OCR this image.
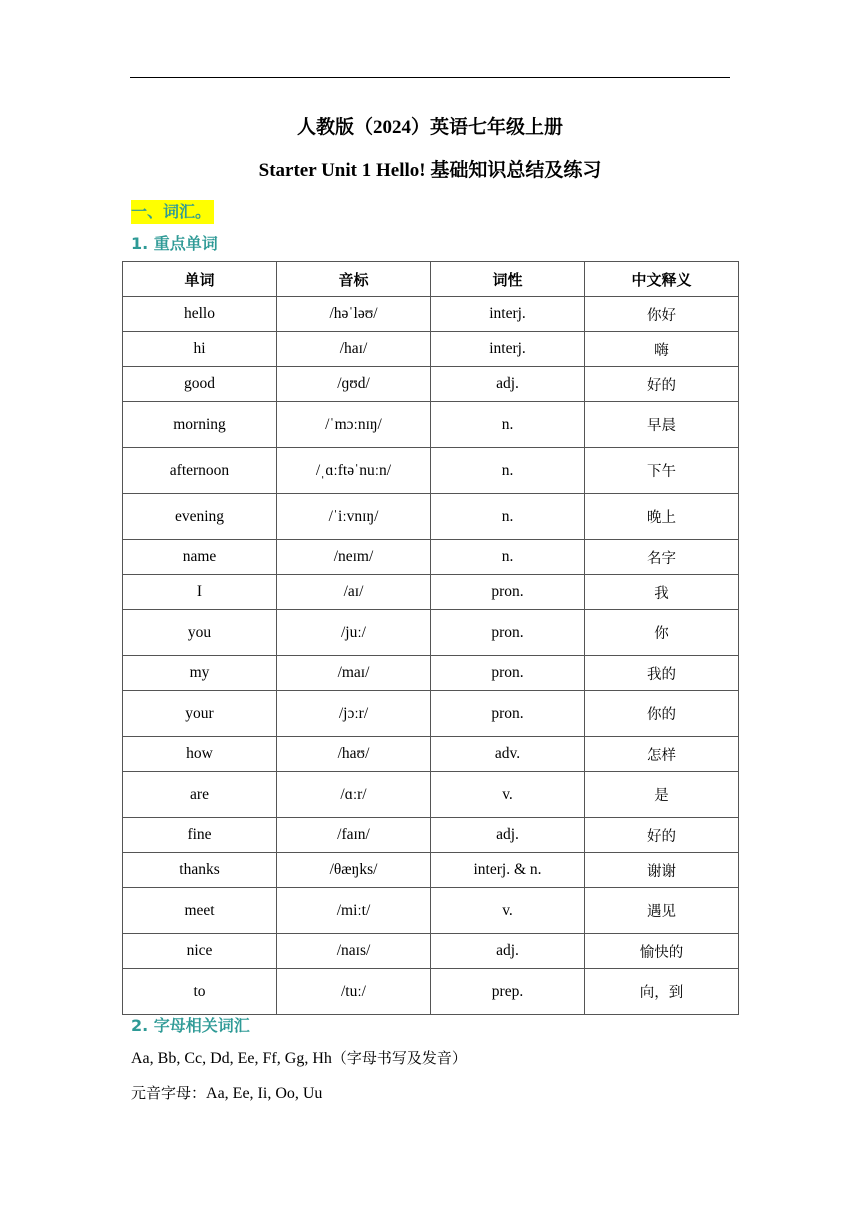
人教版（2024）英语七年级上册
Starter Unit 1 Hello! 基础知识总结及练习
一、词汇。
1. 重点单词
单词	音标	词性	中文释义
hello	/həˈləʊ/	interj.	你好
hi	/haɪ/	interj.	嗨
good	/ɡʊd/	adj.	好的
morning	/ˈmɔːnɪŋ/	n.	早晨
afternoon	/ˌɑːftəˈnuːn/	n.	下午
evening	/ˈiːvnɪŋ/	n.	晚上
name	/neɪm/	n.	名字
I	/aɪ/	pron.	我
you	/juː/	pron.	你
my	/maɪ/	pron.	我的
your	/jɔːr/	pron.	你的
how	/haʊ/	adv.	怎样
are	/ɑːr/	v.	是
fine	/faɪn/	adj.	好的
thanks	/θæŋks/	interj. & n.	谢谢
meet	/miːt/	v.	遇见
nice	/naɪs/	adj.	愉快的
to	/tuː/	prep.	向，到
2. 字母相关词汇
Aa, Bb, Cc, Dd, Ee, Ff, Gg, Hh（字母书写及发音）
元音字母：Aa, Ee, Ii, Oo, Uu
